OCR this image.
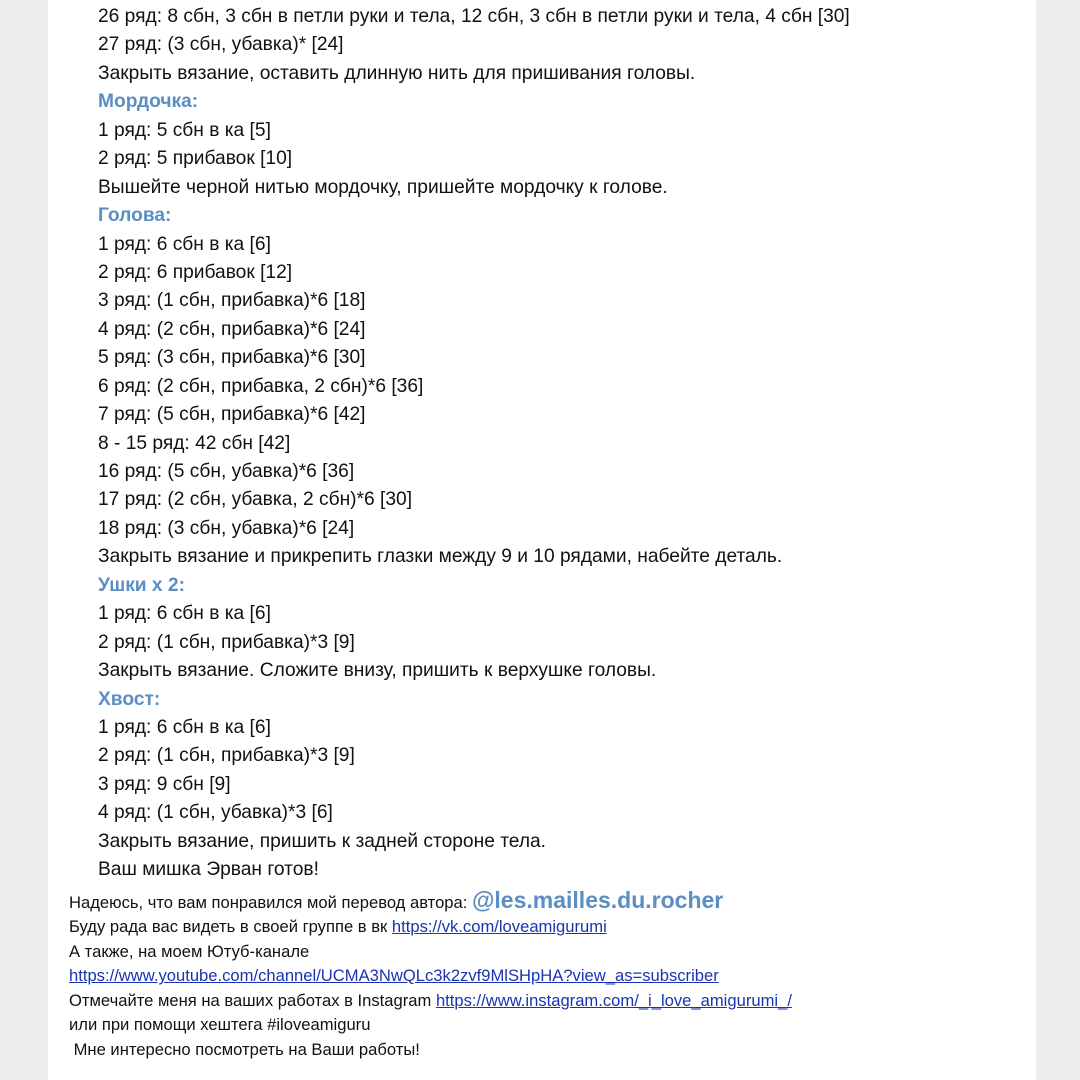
26 ряд: 8 сбн, 3 сбн в петли руки и тела, 12 сбн, 3 сбн в петли руки и тела, 4 сбн [30]
27 ряд: (3 сбн, убавка)* [24]
Закрыть вязание, оставить длинную нить для пришивания головы.
Мордочка:
1 ряд: 5 сбн в ка [5]
2 ряд: 5 прибавок [10]
Вышейте черной нитью мордочку, пришейте мордочку к голове.
Голова:
1 ряд: 6 сбн в ка [6]
2 ряд: 6 прибавок [12]
3 ряд: (1 сбн, прибавка)*6 [18]
4 ряд: (2 сбн, прибавка)*6 [24]
5 ряд: (3 сбн, прибавка)*6 [30]
6 ряд: (2 сбн, прибавка, 2 сбн)*6 [36]
7 ряд: (5 сбн, прибавка)*6 [42]
8 - 15 ряд: 42 сбн [42]
16 ряд: (5 сбн, убавка)*6 [36]
17 ряд: (2 сбн, убавка, 2 сбн)*6 [30]
18 ряд: (3 сбн, убавка)*6 [24]
Закрыть вязание и прикрепить глазки между 9 и 10 рядами, набейте деталь.
Ушки х 2:
1 ряд: 6 сбн в ка [6]
2 ряд: (1 сбн, прибавка)*3 [9]
Закрыть вязание. Сложите внизу, пришить к верхушке головы.
Хвост:
1 ряд: 6 сбн в ка [6]
2 ряд: (1 сбн, прибавка)*3 [9]
3 ряд: 9 сбн [9]
4 ряд: (1 сбн, убавка)*3 [6]
Закрыть вязание, пришить к задней стороне тела.
Ваш мишка Эрван готов!
Надеюсь, что вам понравился мой перевод автора: @les.mailles.du.rocher
Буду рада вас видеть в своей группе в вк https://vk.com/loveamigurumi
А также, на моем Ютуб-канале
https://www.youtube.com/channel/UCMA3NwQLc3k2zvf9MlSHpHA?view_as=subscriber
Отмечайте меня на ваших работах в Instagram https://www.instagram.com/_i_love_amigurumi_/
или при помощи хештега #iloveamiguru
Мне интересно посмотреть на Ваши работы!
